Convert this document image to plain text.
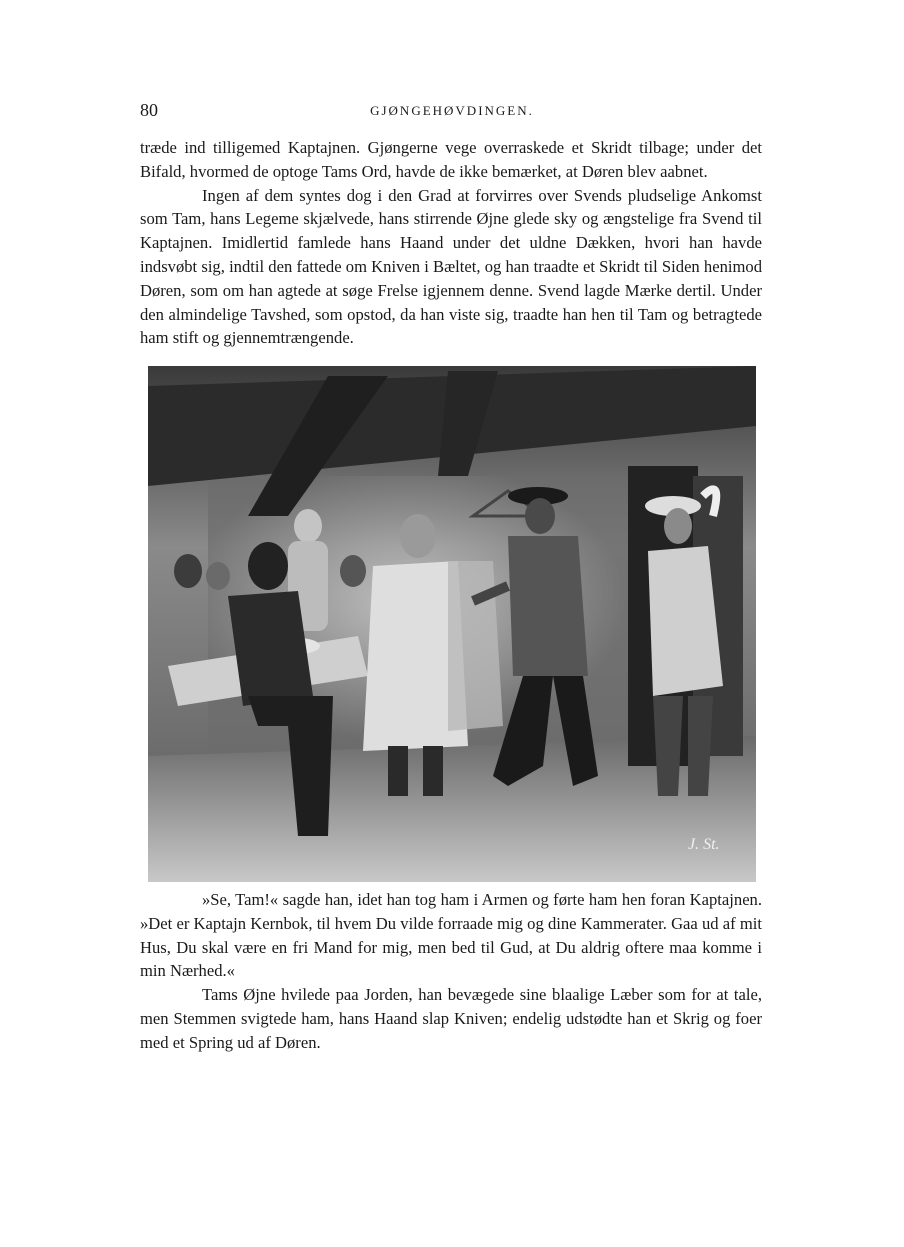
80	GJØNGEHØVDINGEN.

træde ind tilligemed Kaptajnen. Gjøngerne vege overraskede et Skridt tilbage; under det Bifald, hvormed de optoge Tams Ord, havde de ikke bemærket, at Døren blev aabnet.

Ingen af dem syntes dog i den Grad at forvirres over Svends pludselige Ankomst som Tam, hans Legeme skjælvede, hans stirrende Øjne glede sky og ængstelige fra Svend til Kaptajnen. Imidlertid famlede hans Haand under det uldne Dækken, hvori han havde indsvøbt sig, indtil den fattede om Kniven i Bæltet, og han traadte et Skridt til Siden henimod Døren, som om han agtede at søge Frelse igjennem denne. Svend lagde Mærke dertil. Under den almindelige Tavshed, som opstod, da han viste sig, traadte han hen til Tam og betragtede ham stift og gjennemtrængende.

J. St.

»Se, Tam!« sagde han, idet han tog ham i Armen og førte ham hen foran Kaptajnen. »Det er Kaptajn Kernbok, til hvem Du vilde forraade mig og dine Kammerater. Gaa ud af mit Hus, Du skal være en fri Mand for mig, men bed til Gud, at Du aldrig oftere maa komme i min Nærhed.«

Tams Øjne hvilede paa Jorden, han bevægede sine blaalige Læber som for at tale, men Stemmen svigtede ham, hans Haand slap Kniven; endelig udstødte han et Skrig og foer med et Spring ud af Døren.
